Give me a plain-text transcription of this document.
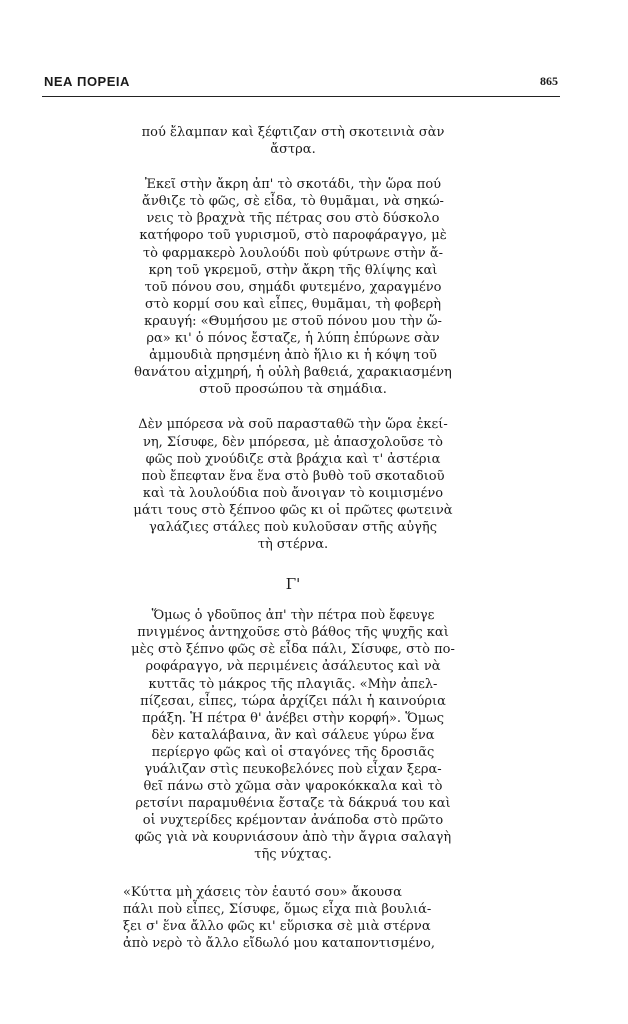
ΝΕΑ ΠΟΡΕΙΑ	865

πού ἔλαμπαν καὶ ξέφτιζαν στὴ σκοτεινιὰ σὰν
ἄστρα.

Ἐκεῖ στὴν ἄκρη ἀπ' τὸ σκοτάδι, τὴν ὥρα πού
ἄνθιζε τὸ φῶς, σὲ εἶδα, τὸ θυμᾶμαι, νὰ σηκώ-
νεις τὸ βραχνὰ τῆς πέτρας σου στὸ δύσκολο
κατήφορο τοῦ γυρισμοῦ, στὸ παροφάραγγο, μὲ
τὸ φαρμακερὸ λουλούδι ποὺ φύτρωνε στὴν ἄ-
κρη τοῦ γκρεμοῦ, στὴν ἄκρη τῆς θλίψης καὶ
τοῦ πόνου σου, σημάδι φυτεμένο, χαραγμένο
στὸ κορμί σου καὶ εἶπες, θυμᾶμαι, τὴ φοβερὴ
κραυγή: «Θυμήσου με στοῦ πόνου μου τὴν ὥ-
ρα» κι' ὁ πόνος ἔσταζε, ἡ λύπη ἐπύρωνε σὰν
ἀμμουδιὰ πρησμένη ἀπὸ ἥλιο κι ἡ κόψη τοῦ
θανάτου αἰχμηρή, ἡ οὐλὴ βαθειά, χαρακιασμένη
στοῦ προσώπου τὰ σημάδια.

Δὲν μπόρεσα νὰ σοῦ παρασταθῶ τὴν ὥρα ἐκεί-
νη, Σίσυφε, δὲν μπόρεσα, μὲ ἀπασχολοῦσε τὸ
φῶς ποὺ χνούδιζε στὰ βράχια καὶ τ' ἀστέρια
ποὺ ἔπεφταν ἕνα ἕνα στὸ βυθὸ τοῦ σκοταδιοῦ
καὶ τὰ λουλούδια ποὺ ἄνοιγαν τὸ κοιμισμένο
μάτι τους στὸ ξέπνοο φῶς κι οἱ πρῶτες φωτεινὰ
γαλάζιες στάλες ποὺ κυλοῦσαν στῆς αὐγῆς
τὴ στέρνα.

Γ'

Ὅμως ὁ γδοῦπος ἀπ' τὴν πέτρα ποὺ ἔφευγε
πνιγμένος ἀντηχοῦσε στὸ βάθος τῆς ψυχῆς καὶ
μὲς στὸ ξέπνο φῶς σὲ εἶδα πάλι, Σίσυφε, στὸ πο-
ροφάραγγο, νὰ περιμένεις ἀσάλευτος καὶ νὰ
κυττᾶς τὸ μάκρος τῆς πλαγιᾶς. «Μὴν ἀπελ-
πίζεσαι, εἶπες, τώρα ἀρχίζει πάλι ἡ καινούρια
πράξη. Ἡ πέτρα θ' ἀνέβει στὴν κορφή». Ὅμως
δὲν καταλάβαινα, ἂν καὶ σάλευε γύρω ἕνα
περίεργο φῶς καὶ οἱ σταγόνες τῆς δροσιᾶς
γυάλιζαν στὶς πευκοβελόνες ποὺ εἶχαν ξερα-
θεῖ πάνω στὸ χῶμα σὰν ψαροκόκκαλα καὶ τὸ
ρετσίνι παραμυθένια ἔσταζε τὰ δάκρυά του καὶ
οἱ νυχτερίδες κρέμονταν ἀνάποδα στὸ πρῶτο
φῶς γιὰ νὰ κουρνιάσουν ἀπὸ τὴν ἄγρια σαλαγὴ
τῆς νύχτας.

«Κύττα μὴ χάσεις τὸν ἑαυτό σου» ἄκουσα
πάλι ποὺ εἶπες, Σίσυφε, ὅμως εἶχα πιὰ βουλιά-
ξει σ' ἕνα ἄλλο φῶς κι' εὕρισκα σὲ μιὰ στέρνα
ἀπὸ νερὸ τὸ ἄλλο εἴδωλό μου καταποντισμένο,
